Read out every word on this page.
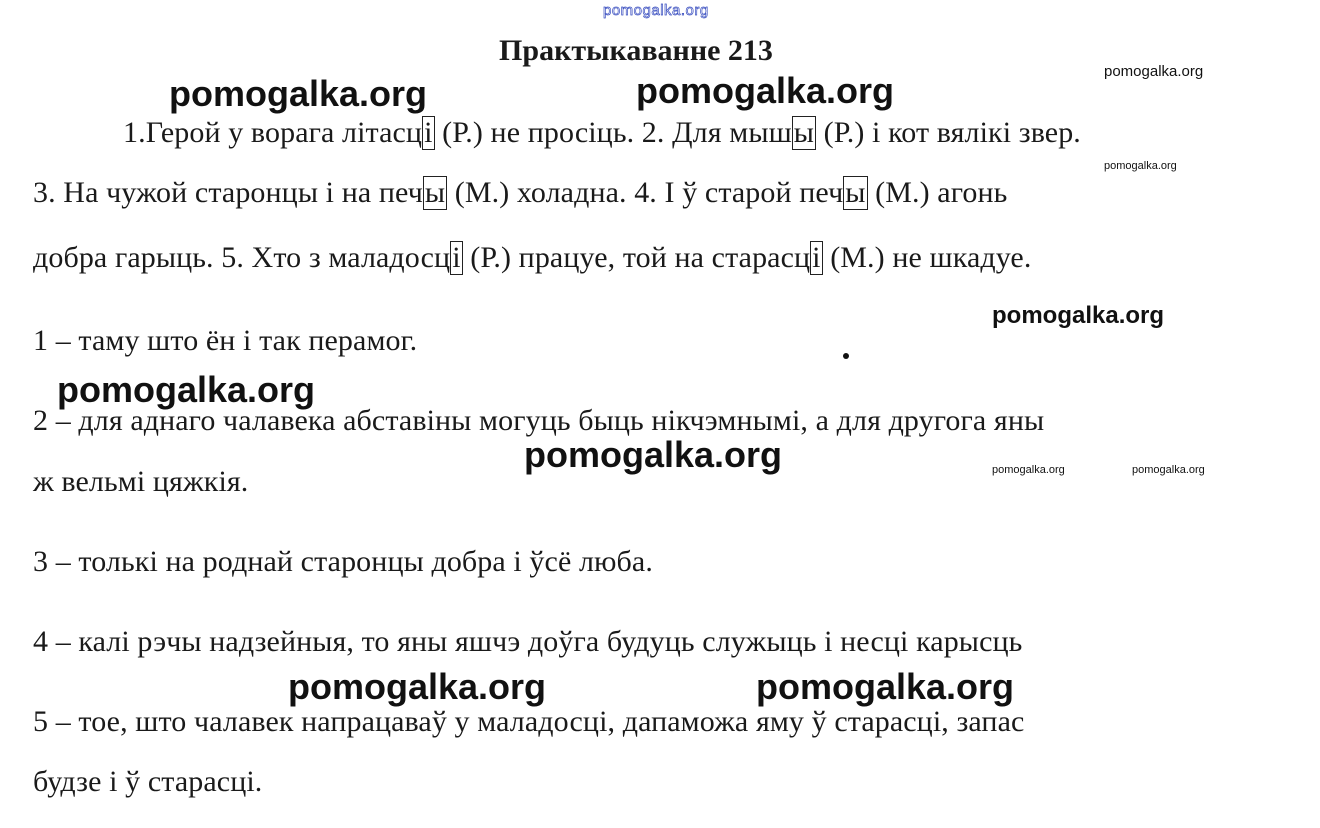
pomogalka.org
Практыкаванне 213
1.Герой у ворага літасці (Р.) не просіць. 2. Для мышы (Р.) і кот вялікі звер.
3. На чужой старонцы і на печы (М.) холадна. 4. І ў старой печы (М.) агонь
добра гарыць. 5. Хто з маладосці (Р.) працуе, той на старасці (М.) не шкадуе.
1 – таму што ён і так перамог.
2 – для аднаго чалавека абставіны могуць быць нікчэмнымі, а для другога яны
ж вельмі цяжкія.
3 – толькі на роднай старонцы добра і ўсё люба.
4 – калі рэчы надзейныя, то яны яшчэ доўга будуць служыць і несці карысць
5 – тое, што чалавек напрацаваў у маладосці, дапаможа яму ў старасці, запас
будзе і ў старасці.
pomogalka.org	pomogalka.org	pomogalka.org
pomogalka.org
pomogalka.org
pomogalka.org
pomogalka.org	pomogalka.org	pomogalka.org
pomogalka.org	pomogalka.org
